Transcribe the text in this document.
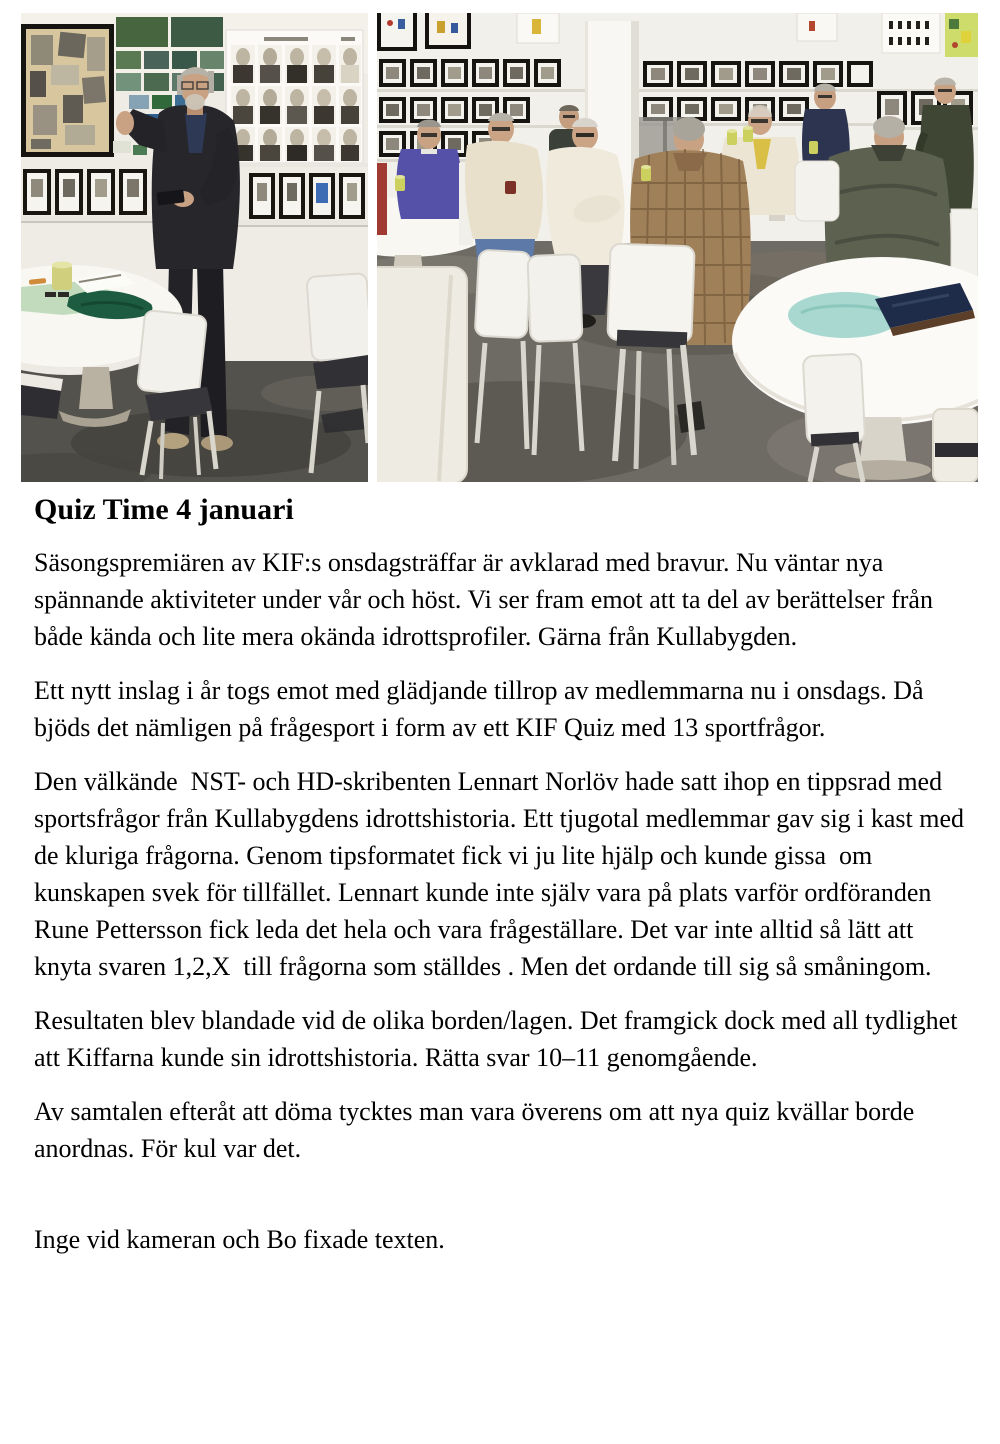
Quiz Time 4 januari

Säsongspremiären av KIF:s onsdagsträffar är avklarad med bravur. Nu väntar nya spännande aktiviteter under vår och höst. Vi ser fram emot att ta del av berättelser från både kända och lite mera okända idrottsprofiler. Gärna från Kullabygden.

Ett nytt inslag i år togs emot med glädjande tillrop av medlemmarna nu i onsdags. Då bjöds det nämligen på frågesport i form av ett KIF Quiz med 13 sportfrågor.

Den välkände  NST- och HD-skribenten Lennart Norlöv hade satt ihop en tippsrad med  sportsfrågor från Kullabygdens idrottshistoria. Ett tjugotal medlemmar gav sig i kast med de kluriga frågorna. Genom tipsformatet fick vi ju lite hjälp och kunde gissa  om kunskapen svek för tillfället. Lennart kunde inte själv vara på plats varför ordföranden Rune Pettersson fick leda det hela och vara frågeställare. Det var inte alltid så lätt att knyta svaren 1,2,X  till frågorna som ställdes . Men det ordande till sig så småningom.

Resultaten blev blandade vid de olika borden/lagen. Det framgick dock med all tydlighet att Kiffarna kunde sin idrottshistoria. Rätta svar 10–11 genomgående.

Av samtalen efteråt att döma tycktes man vara överens om att nya quiz kvällar borde anordnas. För kul var det.

Inge vid kameran och Bo fixade texten.
